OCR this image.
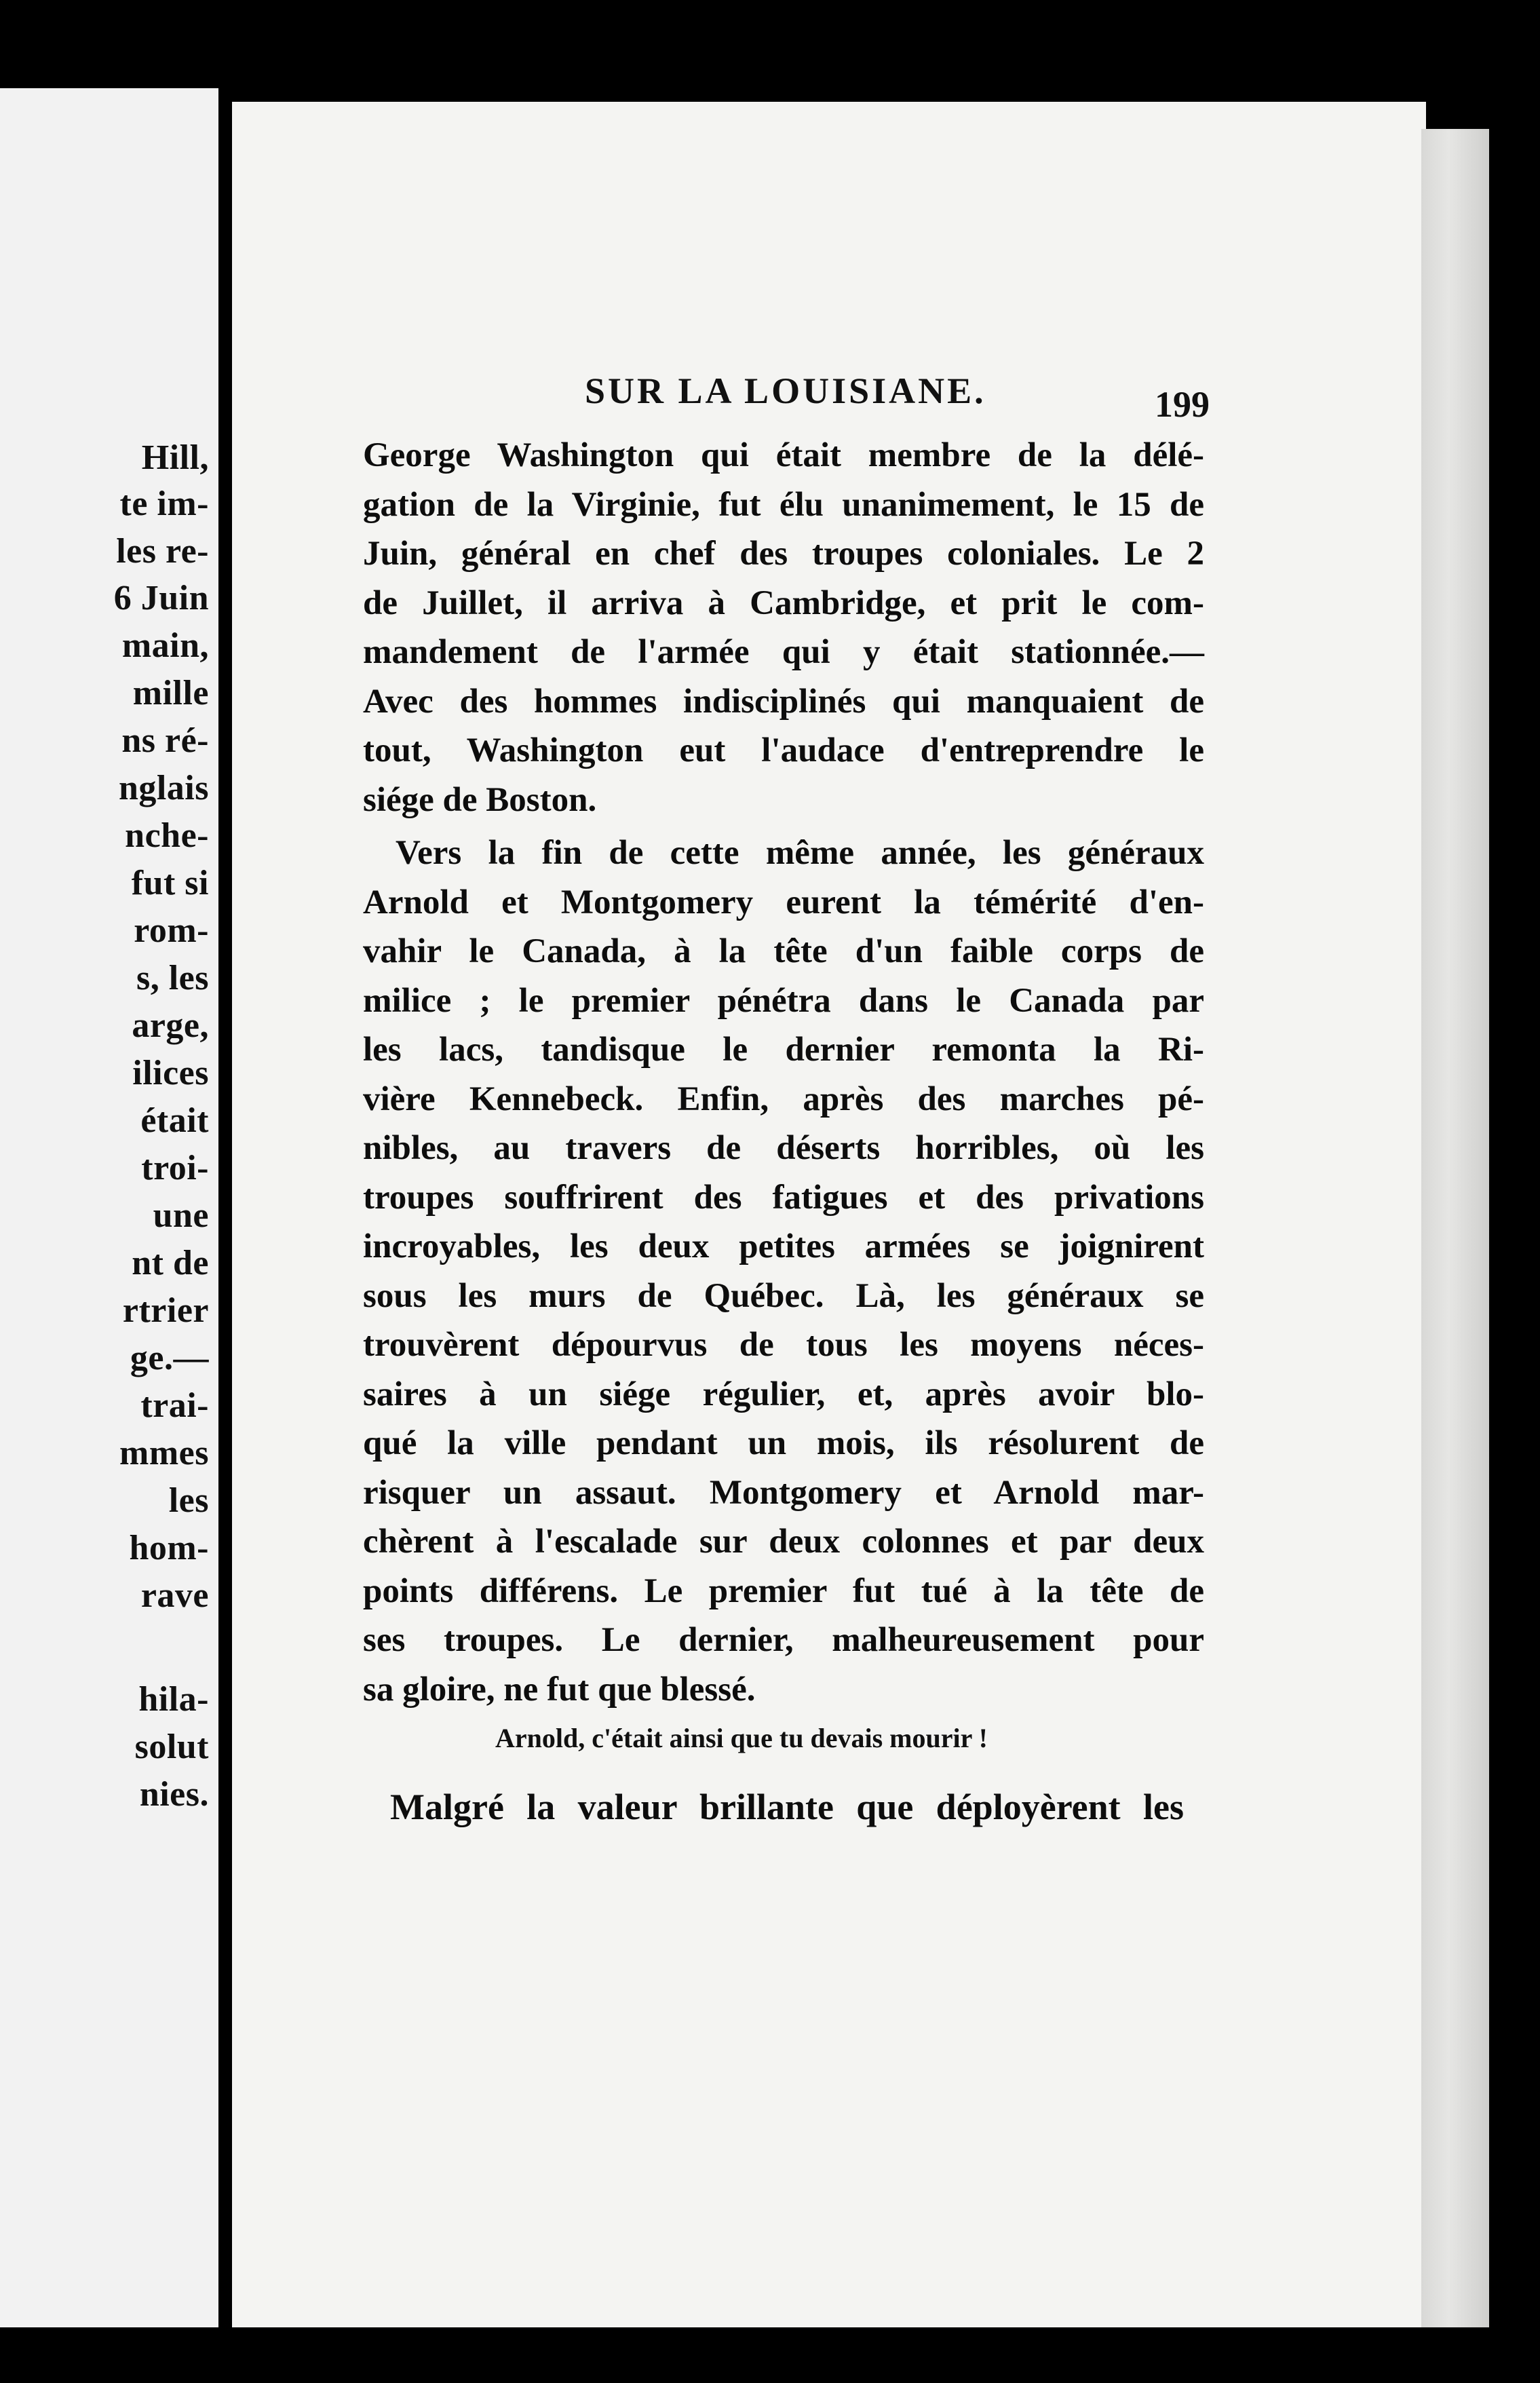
Hill,
te im-
les re-
6 Juin
main,
mille
ns ré-
nglais
nche-
fut si
rom-
s, les
arge,
ilices
était
troi-
une
nt de
rtrier
ge.—
trai-
mmes
les
hom-
rave
hila-
solut
nies.
SUR LA LOUISIANE.	199
George Washington qui était membre de la délé-
gation de la Virginie, fut élu unanimement, le 15 de
Juin, général en chef des troupes coloniales. Le 2
de Juillet, il arriva à Cambridge, et prit le com-
mandement de l'armée qui y était stationnée.—
Avec des hommes indisciplinés qui manquaient de
tout, Washington eut l'audace d'entreprendre le
siége de Boston.
Vers la fin de cette même année, les généraux
Arnold et Montgomery eurent la témérité d'en-
vahir le Canada, à la tête d'un faible corps de
milice ; le premier pénétra dans le Canada par
les lacs, tandisque le dernier remonta la Ri-
vière Kennebeck. Enfin, après des marches pé-
nibles, au travers de déserts horribles, où les
troupes souffrirent des fatigues et des privations
incroyables, les deux petites armées se joignirent
sous les murs de Québec. Là, les généraux se
trouvèrent dépourvus de tous les moyens néces-
saires à un siége régulier, et, après avoir blo-
qué la ville pendant un mois, ils résolurent de
risquer un assaut. Montgomery et Arnold mar-
chèrent à l'escalade sur deux colonnes et par deux
points différens. Le premier fut tué à la tête de
ses troupes. Le dernier, malheureusement pour
sa gloire, ne fut que blessé.
Arnold, c'était ainsi que tu devais mourir !
Malgré la valeur brillante que déployèrent les
